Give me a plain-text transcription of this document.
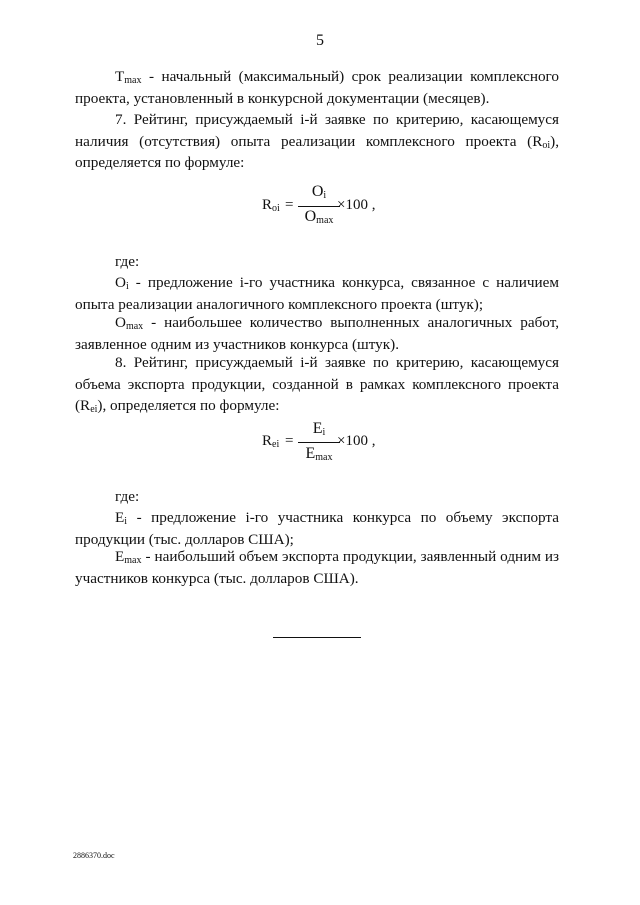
5
$T_{max}$ - начальный (максимальный) срок реализации комплексного проекта, установленный в конкурсной документации (месяцев).
7. Рейтинг, присуждаемый i-й заявке по критерию, касающемуся наличия (отсутствия) опыта реализации комплексного проекта $(R_{oi})$, определяется по формуле:
$R_{oi}$ =
$O_i$
$O_{max}$
×100 ,
где:
$O_i$ - предложение i-го участника конкурса, связанное с наличием опыта реализации аналогичного комплексного проекта (штук);
$O_{max}$ - наибольшее количество выполненных аналогичных работ, заявленное одним из участников конкурса (штук).
8. Рейтинг, присуждаемый i-й заявке по критерию, касающемуся объема экспорта продукции, созданной в рамках комплексного проекта $(R_{ei})$, определяется по формуле:
$R_{ei}$ =
$E_i$
$E_{max}$
×100 ,
где:
$E_i$ - предложение i-го участника конкурса по объему экспорта продукции (тыс. долларов США);
$E_{max}$ - наибольший объем экспорта продукции, заявленный одним из участников конкурса (тыс. долларов США).
2886370.doc
